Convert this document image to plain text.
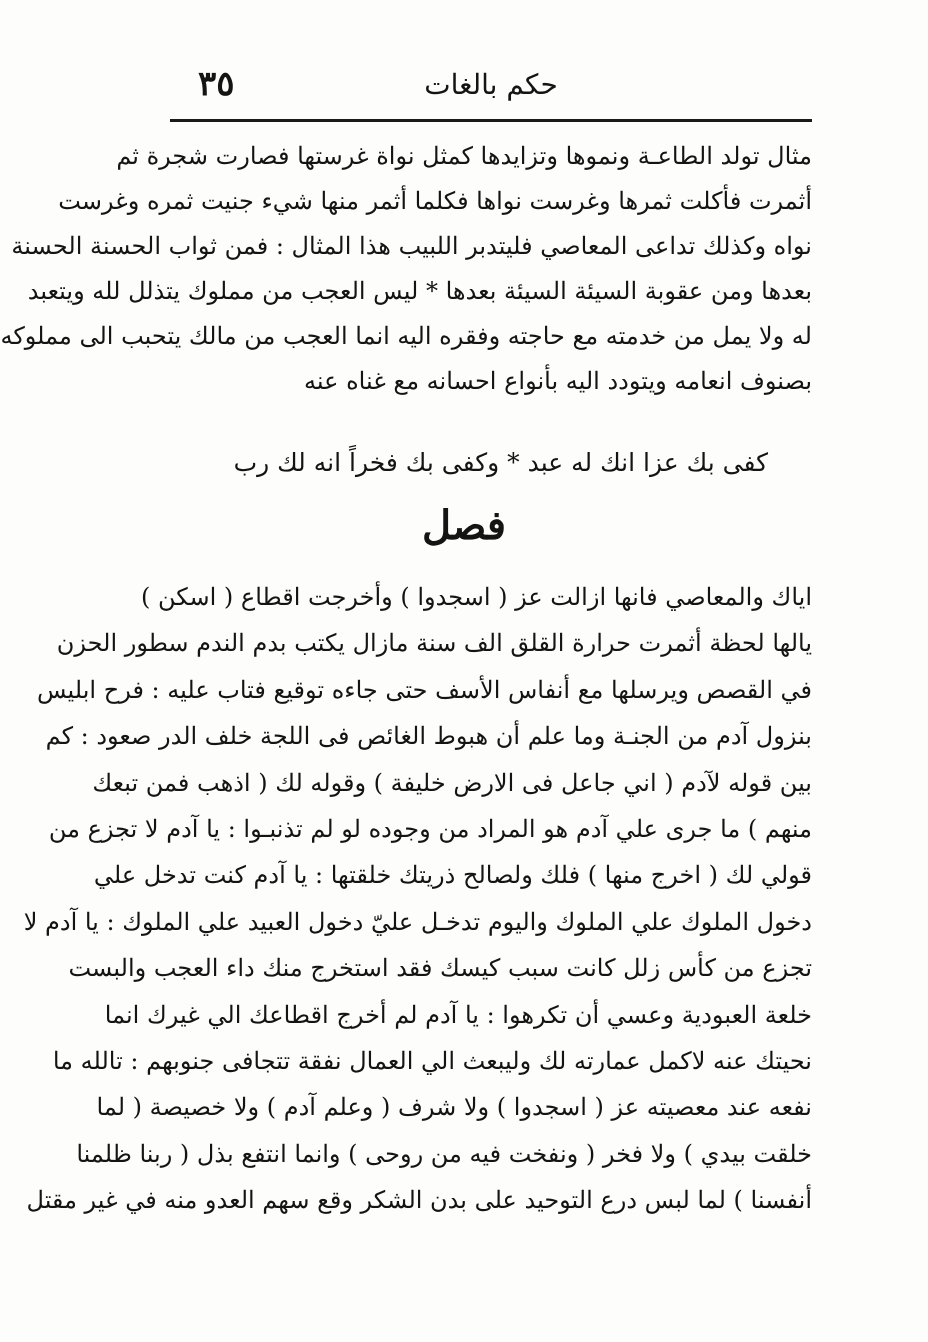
٣٥	حكم بالغات
مثال تولد الطاعـة ونموها وتزايدها كمثل نواة غرستها فصارت شجرة ثم
أثمرت فأكلت ثمرها وغرست نواها فكلما أثمر منها شيء جنيت ثمره وغرست
نواه وكذلك تداعى المعاصي فليتدبر اللبيب هذا المثال : فمن ثواب الحسنة الحسنة
بعدها ومن عقوبة السيئة السيئة بعدها * ليس العجب من مملوك يتذلل لله ويتعبد
له ولا يمل من خدمته مع حاجته وفقره اليه انما العجب من مالك يتحبب الى مملوكه
بصنوف انعامه ويتودد اليه بأنواع احسانه مع غناه عنه
كفى بك عزا انك له عبد * وكفى بك فخراً انه لك رب
فصل
اياك والمعاصي فانها ازالت عز ( اسجدوا ) وأخرجت اقطاع ( اسكن )
يالها لحظة أثمرت حرارة القلق الف سنة مازال يكتب بدم الندم سطور الحزن
في القصص ويرسلها مع أنفاس الأسف حتى جاءه توقيع فتاب عليه : فرح ابليس
بنزول آدم من الجنـة وما علم أن هبوط الغائص فى اللجة خلف الدر صعود : كم
بين قوله لآدم ( اني جاعل فى الارض خليفة ) وقوله لك ( اذهب فمن تبعك
منهم ) ما جرى علي آدم هو المراد من وجوده لو لم تذنبـوا : يا آدم لا تجزع من
قولي لك ( اخرج منها ) فلك ولصالح ذريتك خلقتها : يا آدم كنت تدخل علي
دخول الملوك علي الملوك واليوم تدخـل عليّ دخول العبيد علي الملوك : يا آدم لا
تجزع من كأس زلل كانت سبب كيسك فقد استخرج منك داء العجب والبست
خلعة العبودية وعسي أن تكرهوا : يا آدم لم أخرج اقطاعك الي غيرك انما
نحيتك عنه لاكمل عمارته لك وليبعث الي العمال نفقة تتجافى جنوبهم : تالله ما
نفعه عند معصيته عز ( اسجدوا ) ولا شرف ( وعلم آدم ) ولا خصيصة ( لما
خلقت بيدي ) ولا فخر ( ونفخت فيه من روحى ) وانما انتفع بذل ( ربنا ظلمنا
أنفسنا ) لما لبس درع التوحيد على بدن الشكر وقع سهم العدو منه في غير مقتل
